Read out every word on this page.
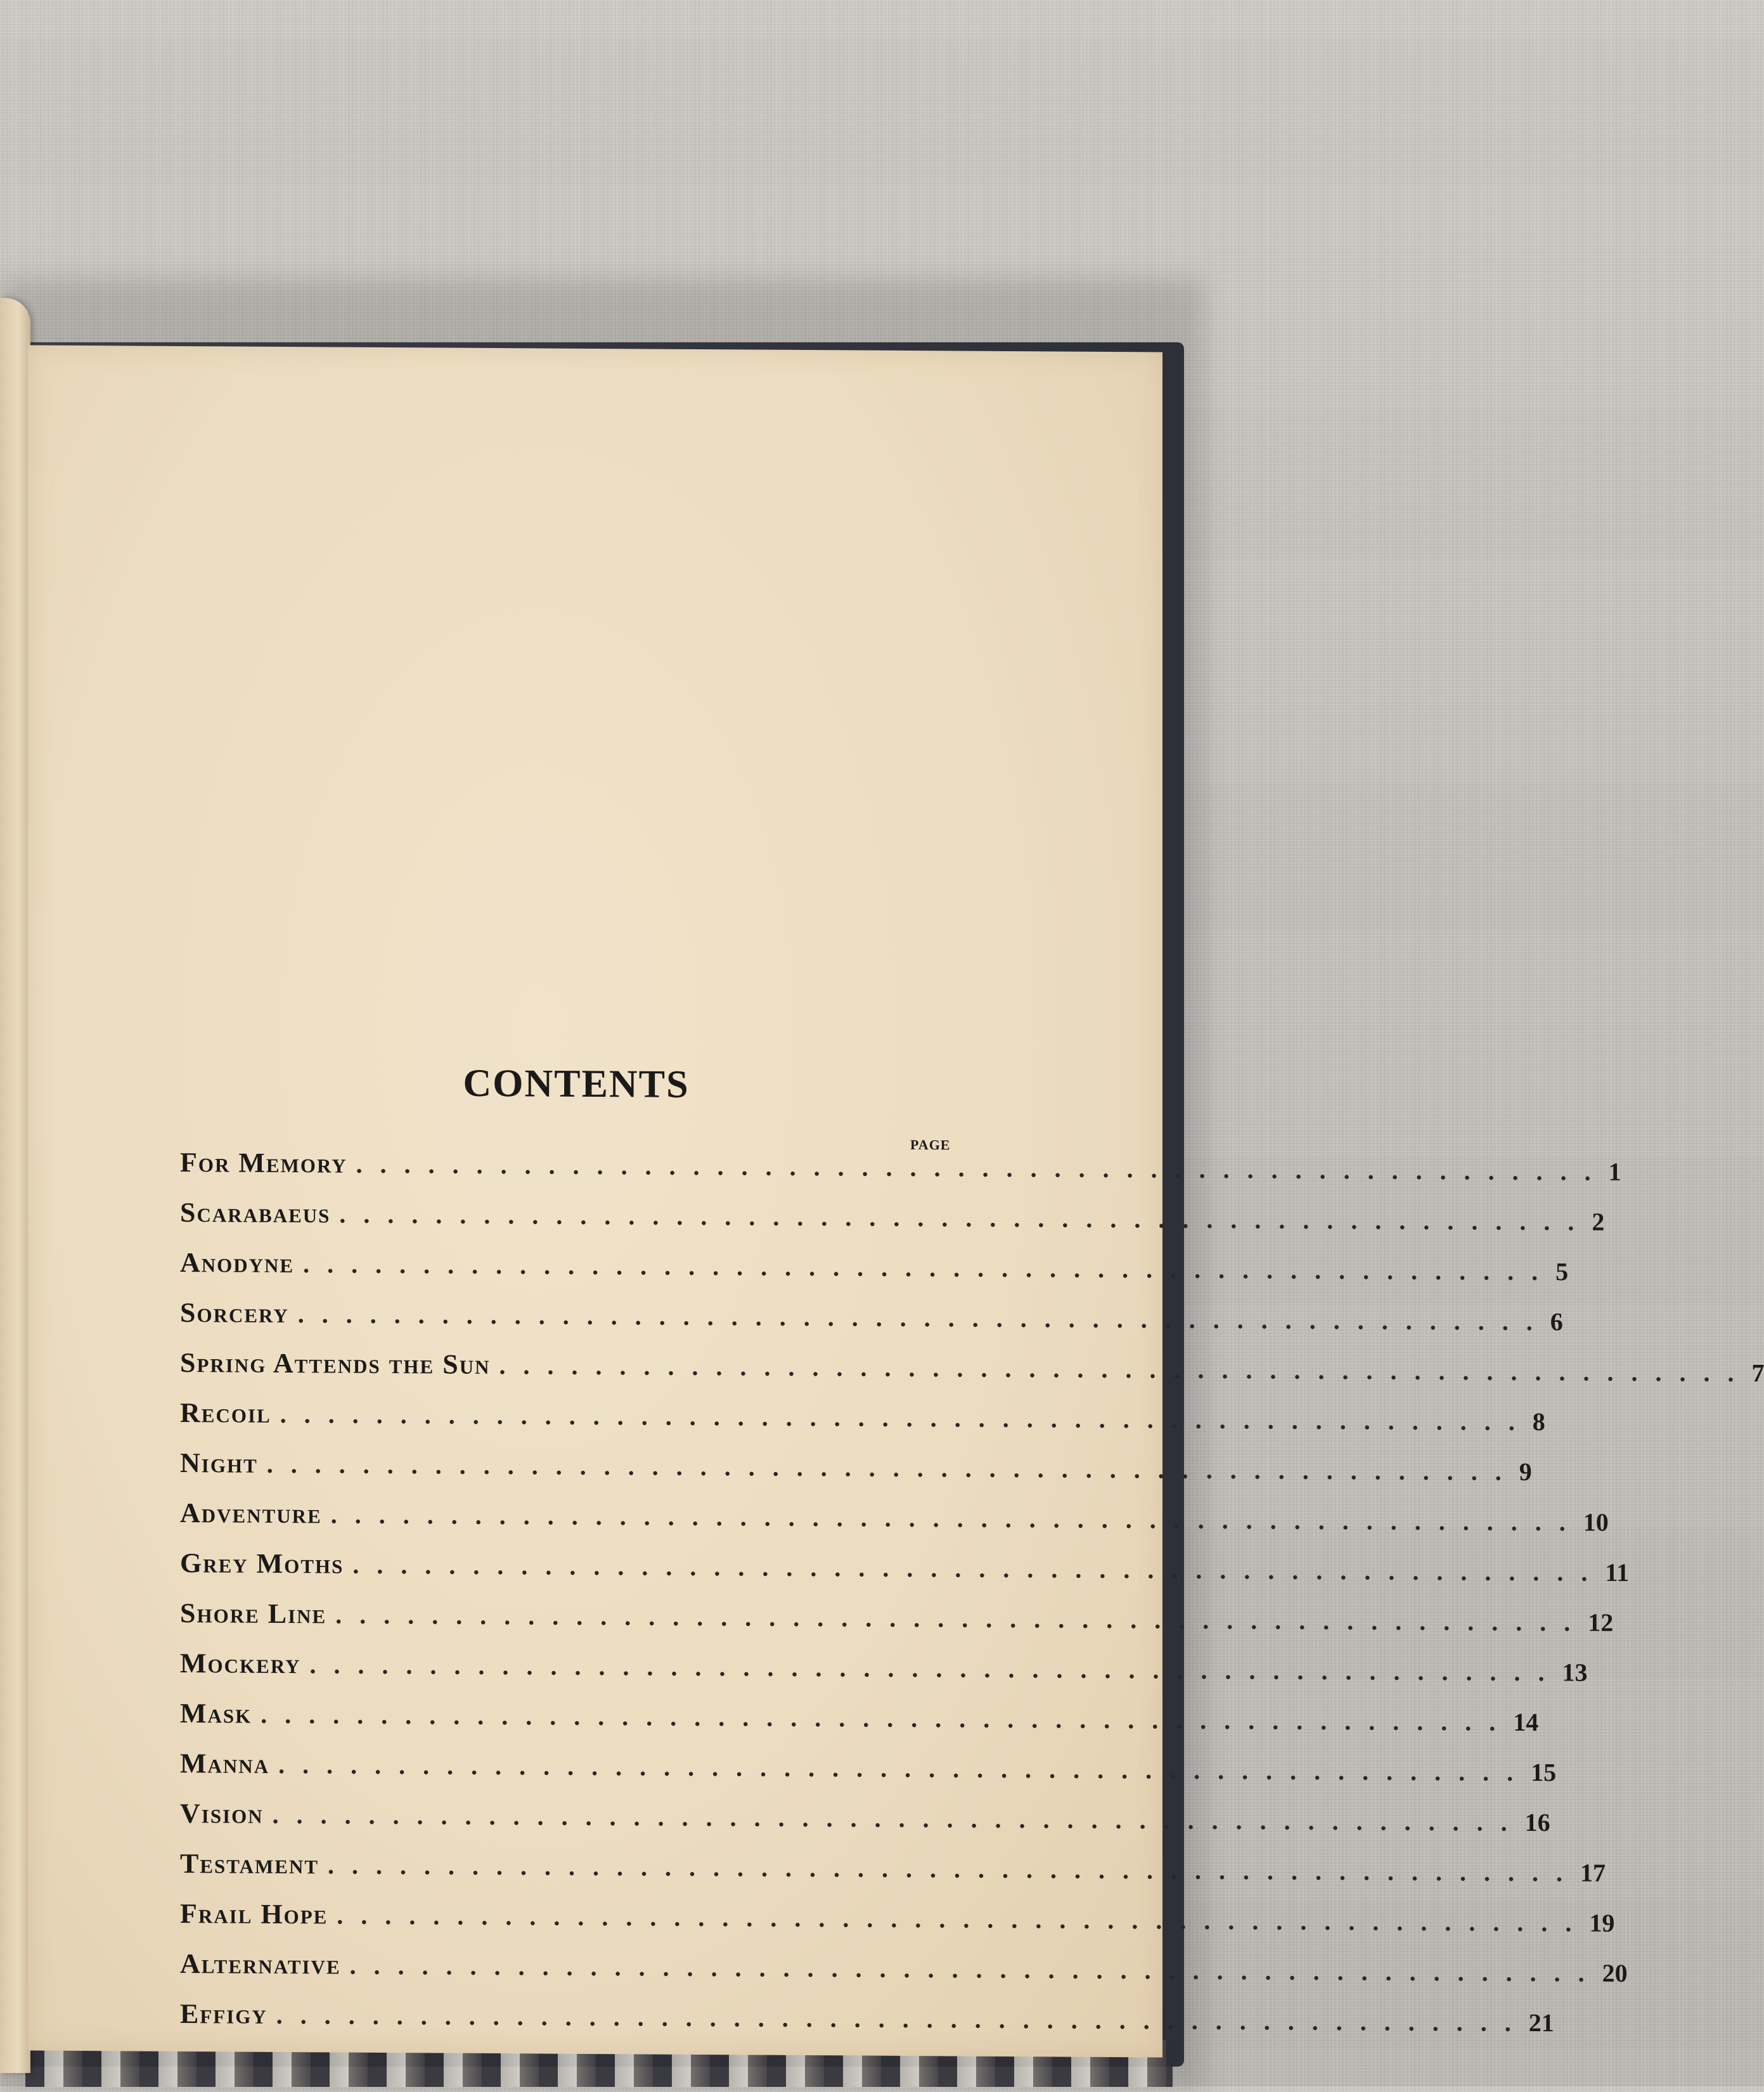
CONTENTS
PAGE
For Memory .................................................... 1
Scarabaeus .................................................... 2
Anodyne .................................................... 5
Sorcery .................................................... 6
Spring Attends the Sun .................................................... 7
Recoil .................................................... 8
Night .................................................... 9
Adventure .................................................... 10
Grey Moths .................................................... 11
Shore Line .................................................... 12
Mockery .................................................... 13
Mask .................................................... 14
Manna .................................................... 15
Vision .................................................... 16
Testament .................................................... 17
Frail Hope .................................................... 19
Alternative .................................................... 20
Effigy .................................................... 21
